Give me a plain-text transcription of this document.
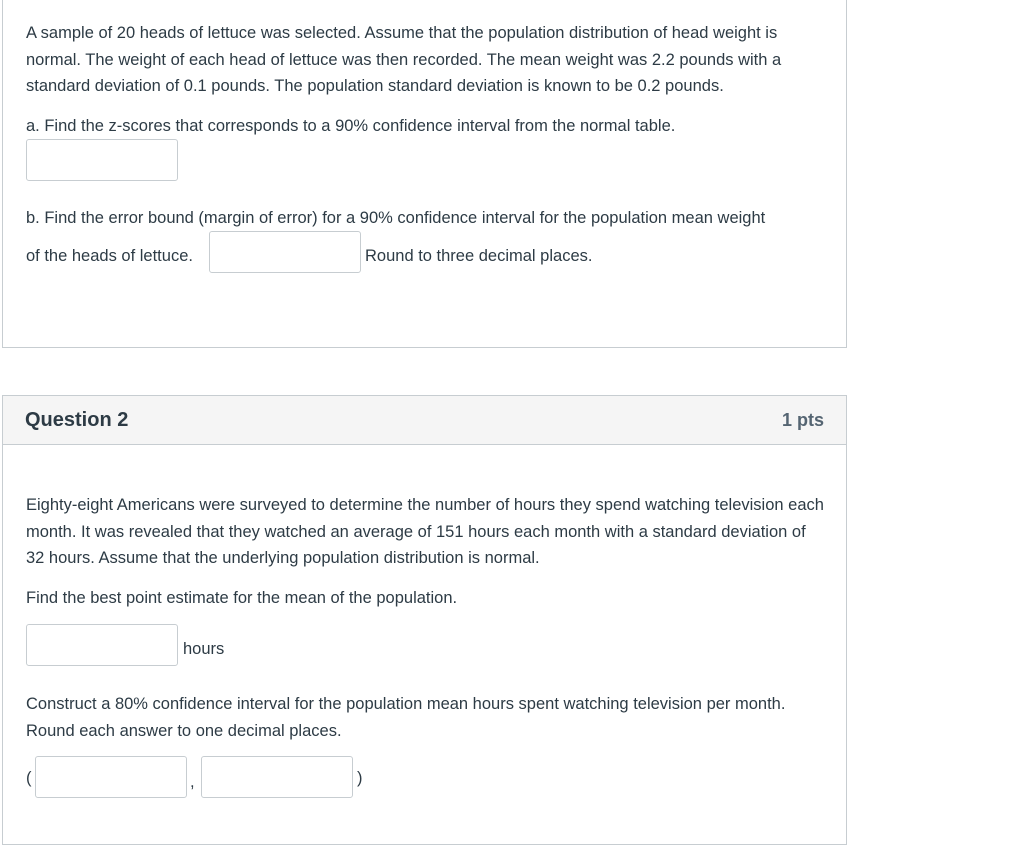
A sample of 20 heads of lettuce was selected. Assume that the population distribution of head weight is normal. The weight of each head of lettuce was then recorded. The mean weight was 2.2 pounds with a standard deviation of 0.1 pounds. The population standard deviation is known to be 0.2 pounds.

a. Find the z-scores that corresponds to a 90% confidence interval from the normal table.

b. Find the error bound (margin of error) for a 90% confidence interval for the population mean weight

of the heads of lettuce.	Round to three decimal places.
Question 2	1 pts

Eighty-eight Americans were surveyed to determine the number of hours they spend watching television each month. It was revealed that they watched an average of 151 hours each month with a standard deviation of 32 hours. Assume that the underlying population distribution is normal.

Find the best point estimate for the mean of the population.

hours

Construct a 80% confidence interval for the population mean hours spent watching television per month. Round each answer to one decimal places.

(	,	)
